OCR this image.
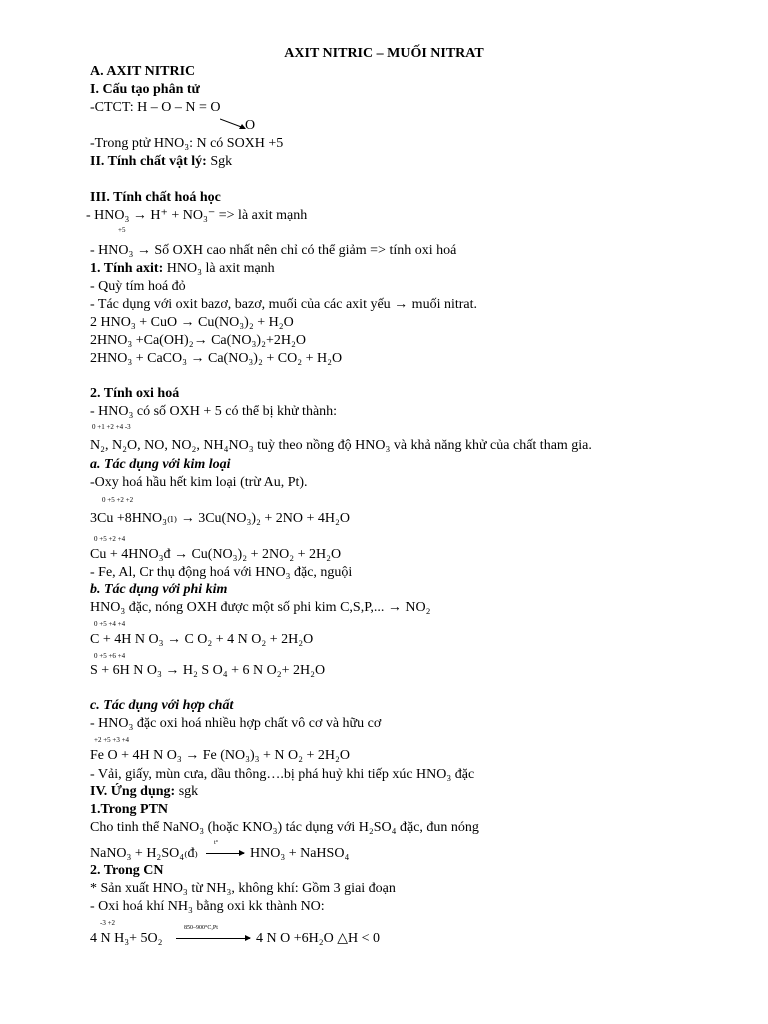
AXIT NITRIC – MUỐI NITRAT
A. AXIT NITRIC
I. Cấu tạo phân tử
-CTCT: H – O – N = O
O
-Trong ptử HNO₃: N có SOXH +5
II. Tính chất vật lý: Sgk
III. Tính chất hoá học
- HNO₃ → H⁺ + NO₃⁻ => là axit mạnh
+5
- HNO₃ → Số OXH cao nhất nên chỉ có thể giảm => tính oxi hoá
1. Tính axit: HNO₃ là axit mạnh
- Quỳ tím hoá đỏ
- Tác dụng với oxit bazơ, bazơ, muối của các axit yếu → muối nitrat.
2 HNO₃ + CuO → Cu(NO₃)₂ + H₂O
2HNO₃ +Ca(OH)₂→ Ca(NO₃)₂+2H₂O
2HNO₃ + CaCO₃ → Ca(NO₃)₂ + CO₂ + H₂O
2. Tính oxi hoá
- HNO₃ có số OXH + 5 có thể bị khử thành:
0 +1 +2 +4 -3
N₂, N₂O, NO, NO₂, NH₄NO₃ tuỳ theo nồng độ HNO₃ và khả năng khử của chất tham gia.
a. Tác dụng với kim loại
-Oxy hoá hầu hết kim loại (trừ Au, Pt).
0 +5 +2 +2
3Cu +8HNO₃₍ₗ₎ → 3Cu(NO₃)₂ + 2NO + 4H₂O
0 +5 +2 +4
Cu + 4HNO₃đ → Cu(NO₃)₂ + 2NO₂ + 2H₂O
- Fe, Al, Cr thụ động hoá với HNO₃ đặc, nguội
b. Tác dụng với phi kim
HNO₃ đặc, nóng OXH được một số phi kim C,S,P,... → NO₂
0 +5 +4 +4
C + 4H N O₃ → C O₂ + 4 N O₂ + 2H₂O
0 +5 +6 +4
S + 6H N O₃ → H₂ S O₄ + 6 N O₂+ 2H₂O
c. Tác dụng với hợp chất
- HNO₃ đặc oxi hoá nhiều hợp chất vô cơ và hữu cơ
+2 +5 +3 +4
Fe O + 4H N O₃ → Fe (NO₃)₃ + N O₂ + 2H₂O
- Vải, giấy, mùn cưa, dầu thông….bị phá huỷ khi tiếp xúc HNO₃ đặc
IV. Ứng dụng: sgk
1.Trong PTN
Cho tinh thể NaNO₃ (hoặc KNO₃) tác dụng với H₂SO₄ đặc, đun nóng
NaNO₃ + H₂SO₄₍đ₎
t°
→ HNO₃ + NaHSO₄
2. Trong CN
* Sản xuất HNO₃ từ NH₃, không khí: Gồm 3 giai đoạn
- Oxi hoá khí NH₃ bằng oxi kk thành NO:
-3 +2
4 N H₃+ 5O₂
850–900°C,Pt
4 N O +6H₂O △H < 0
